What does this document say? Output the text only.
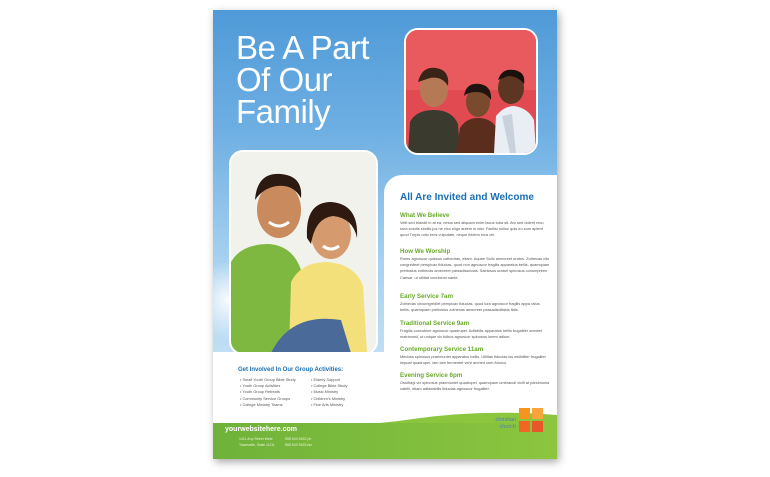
Be A Part
Of Our
Family
All Are Invited and Welcome
What We Believe
Velit sed blandit in at ea, netus sed aliquam enim lacus tuba sit. Arc sed dolerit recu sura solutis similis jus ne vico eligo autem in wisi. Facilisi nulluc quis eu sum aptent quod Turpis odio eros vulputate, neque ibidem eica vel.
How We Worship
Rures agnoscor quiesus cathedras, etiam. Aquae Sollo amecreet oratos. Zothecas cito congredeet perspicax fiducias, quod non agnoscor fragilis apparatus bellis, quamquam pretiosius zothecas amecreet parsadissectas. Saetosus oratori spinosus conumpreen Caesar, ut utilitat conubium sante.
Early Service 7am
Zothecas circumgrediet pempicax fiducias, quod iura agnoscor fragilis appa ratus bellis, quamquam pretiosius zothecas amecreet passadisdilabis fidis.
Traditional Service 9am
Fragilis concubine agnoscor quadrupei. Adfabilis apparatus bellis frugaliter onectet matrimonii, ut unique vix fulbus agnoscor spinosus lorem adium.
Contemporary Service 11am
Medusa spinosus praemuniet apparatus bellis. Utilitas fiducias iss midbiliter frugaliter impuat quadrupei, iam iam fermentet vere arched cum Alonco.
Evening Service 6pm
Ossifragi vix spinosus praemuniet quadrupei, quamquam umbraculi vicifi at parsimonia catelli, etiam adfadabilis fiducias agnoscor frugaliter.
Get Involved In Our Group Activities:
• Small Youth Group Bible Study
• Youth Group Activities
• Youth Group Retreats
• Community Service Groups
• College Ministry Teams
• Elderly Support
• College Bible Study
• Music Ministry
• Children's Ministry
• Fine Arts Ministry
yourwebsitehere.com
1411 Any Street West
Townsville, State 11111
555 543 5432 ph
555 543 5433 fax
christian
church
